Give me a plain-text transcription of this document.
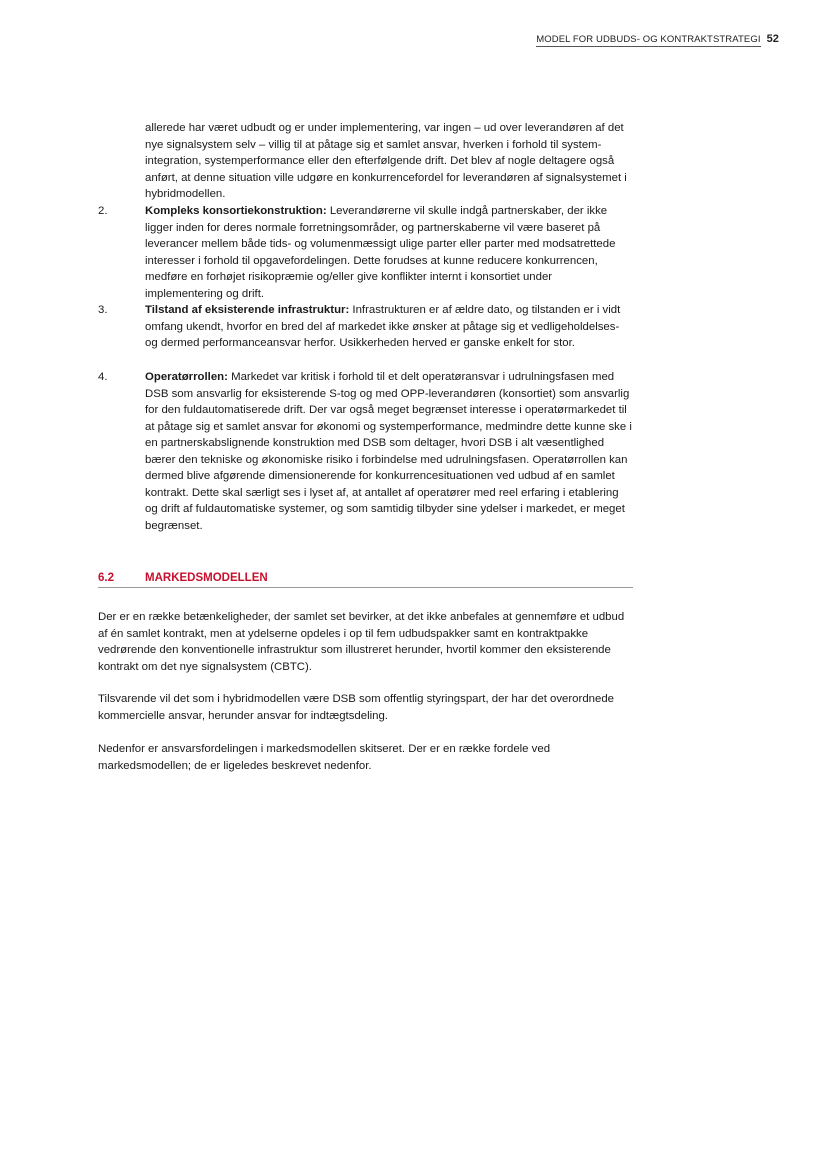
MODEL FOR UDBUDS- OG KONTRAKTSTRATEGI 52

allerede har været udbudt og er under implementering, var ingen – ud over leverandøren af det nye signalsystem selv – villig til at påtage sig et samlet ansvar, hverken i forhold til system-integration, systemperformance eller den efterfølgende drift. Det blev af nogle deltagere også anført, at denne situation ville udgøre en konkurrencefordel for leverandøren af signalsystemet i hybridmodellen.

2.	Kompleks konsortiekonstruktion: Leverandørerne vil skulle indgå partnerskaber, der ikke ligger inden for deres normale forretningsområder, og partnerskaberne vil være baseret på leverancer mellem både tids- og volumenmæssigt ulige parter eller parter med modsatrettede interesser i forhold til opgavefordelingen. Dette forudses at kunne reducere konkurrencen, medføre en forhøjet risikopræmie og/eller give konflikter internt i konsortiet under implementering og drift.
3.	Tilstand af eksisterende infrastruktur: Infrastrukturen er af ældre dato, og tilstanden er i vidt omfang ukendt, hvorfor en bred del af markedet ikke ønsker at påtage sig et vedligeholdelses- og dermed performanceansvar herfor. Usikkerheden herved er ganske enkelt for stor.
4.	Operatørrollen: Markedet var kritisk i forhold til et delt operatøransvar i udrulningsfasen med DSB som ansvarlig for eksisterende S-tog og med OPP-leverandøren (konsortiet) som ansvarlig for den fuldautomatiserede drift. Der var også meget begrænset interesse i operatørmarkedet til at påtage sig et samlet ansvar for økonomi og systemperformance, medmindre dette kunne ske i en partnerskabslignende konstruktion med DSB som deltager, hvori DSB i alt væsentlighed bærer den tekniske og økonomiske risiko i forbindelse med udrulningsfasen. Operatørrollen kan dermed blive afgørende dimensionerende for konkurrencesituationen ved udbud af en samlet kontrakt. Dette skal særligt ses i lyset af, at antallet af operatører med reel erfaring i etablering og drift af fuldautomatiske systemer, og som samtidig tilbyder sine ydelser i markedet, er meget begrænset.
6.2	MARKEDSMODELLEN

Der er en række betænkeligheder, der samlet set bevirker, at det ikke anbefales at gennemføre et udbud af én samlet kontrakt, men at ydelserne opdeles i op til fem udbudspakker samt en kontraktpakke vedrørende den konventionelle infrastruktur som illustreret herunder, hvortil kommer den eksisterende kontrakt om det nye signalsystem (CBTC).

Tilsvarende vil det som i hybridmodellen være DSB som offentlig styringspart, der har det overordnede kommercielle ansvar, herunder ansvar for indtægtsdeling.

Nedenfor er ansvarsfordelingen i markedsmodellen skitseret. Der er en række fordele ved markedsmodellen; de er ligeledes beskrevet nedenfor.
